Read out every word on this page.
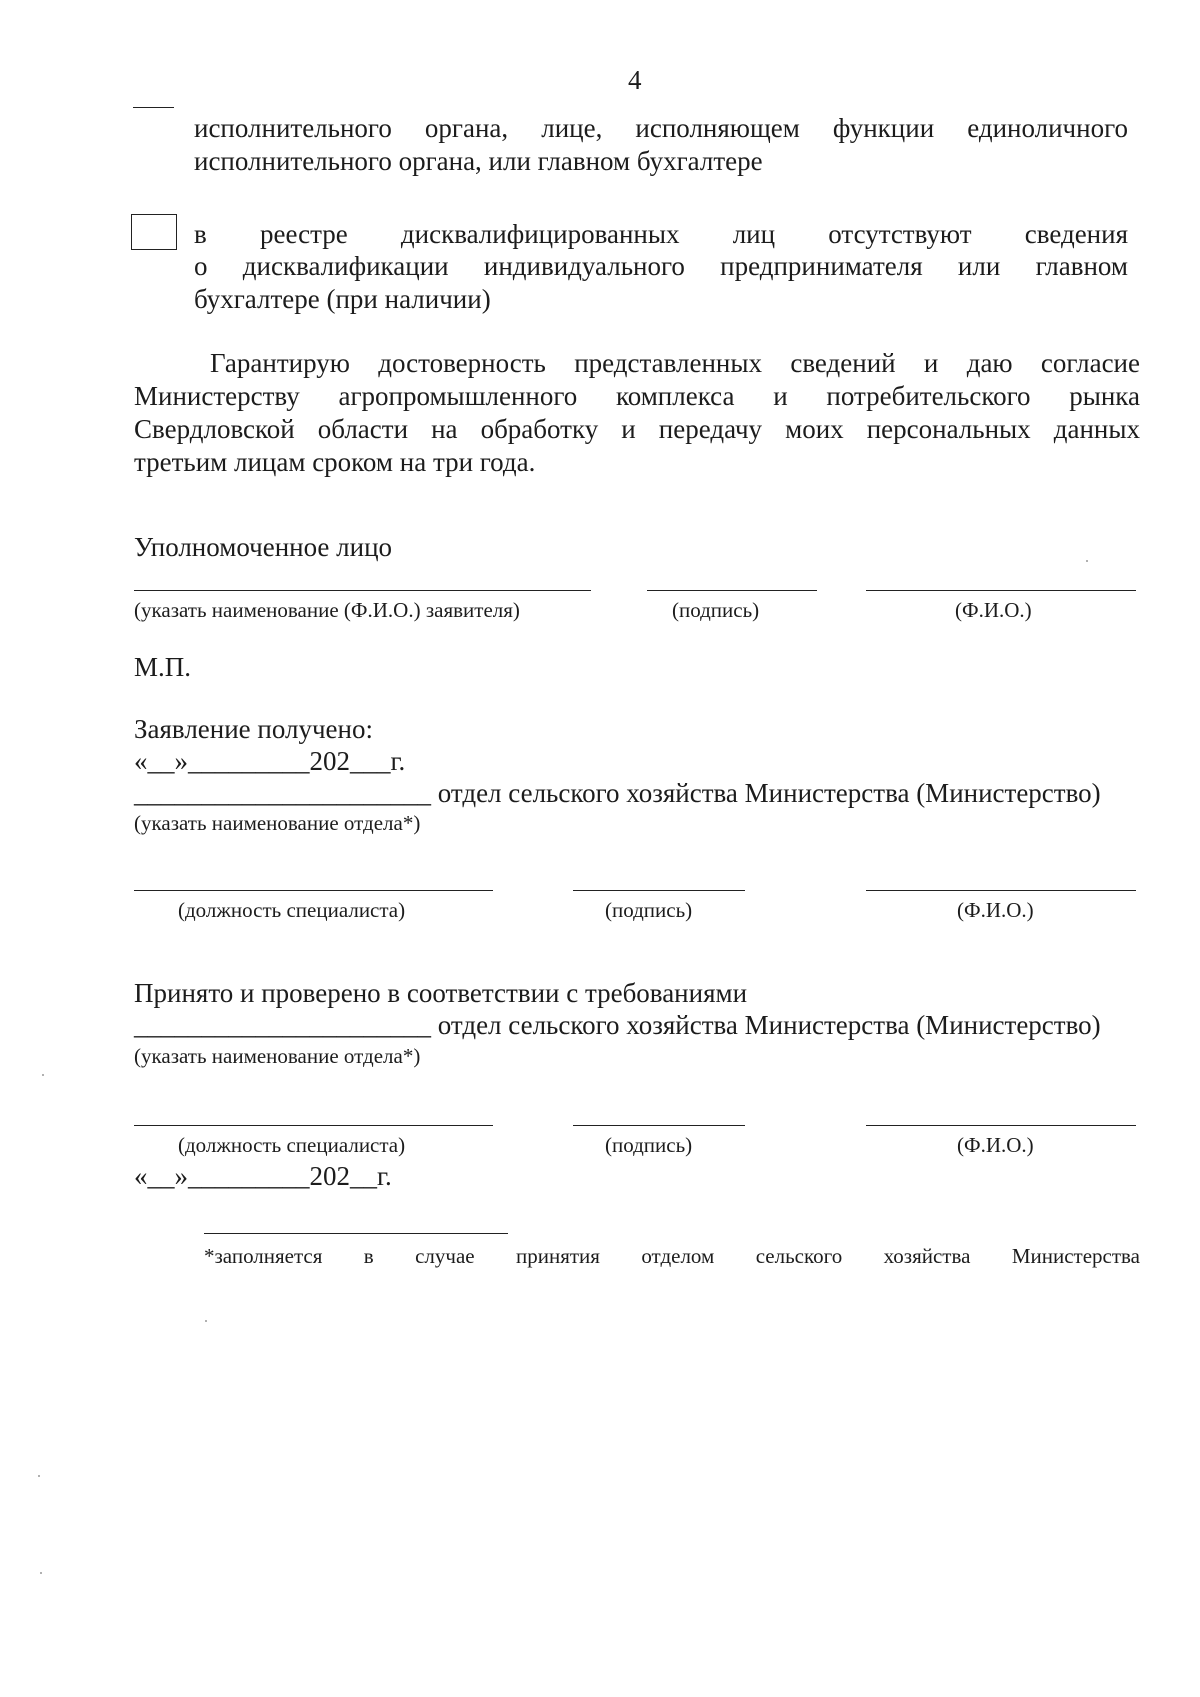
4
исполнительного органа, лице, исполняющем функции единоличного
исполнительного органа, или главном бухгалтере
в реестре дисквалифицированных лиц отсутствуют сведения
о дисквалификации индивидуального предпринимателя или главном
бухгалтере (при наличии)
Гарантирую достоверность представленных сведений и даю согласие
Министерству агропромышленного комплекса и потребительского рынка
Свердловской области на обработку и передачу моих персональных данных
третьим лицам сроком на три года.
Уполномоченное лицо
(указать наименование (Ф.И.О.) заявителя)	(подпись)	(Ф.И.О.)
М.П.
Заявление получено:
«__»_________202___г.
______________________ отдел сельского хозяйства Министерства (Министерство)
(указать наименование отдела*)
(должность специалиста)	(подпись)	(Ф.И.О.)
Принято и проверено в соответствии с требованиями
______________________ отдел сельского хозяйства Министерства (Министерство)
(указать наименование отдела*)
(должность специалиста)	(подпись)	(Ф.И.О.)
«__»_________202__г.
*заполняется в случае принятия отделом сельского хозяйства Министерства
